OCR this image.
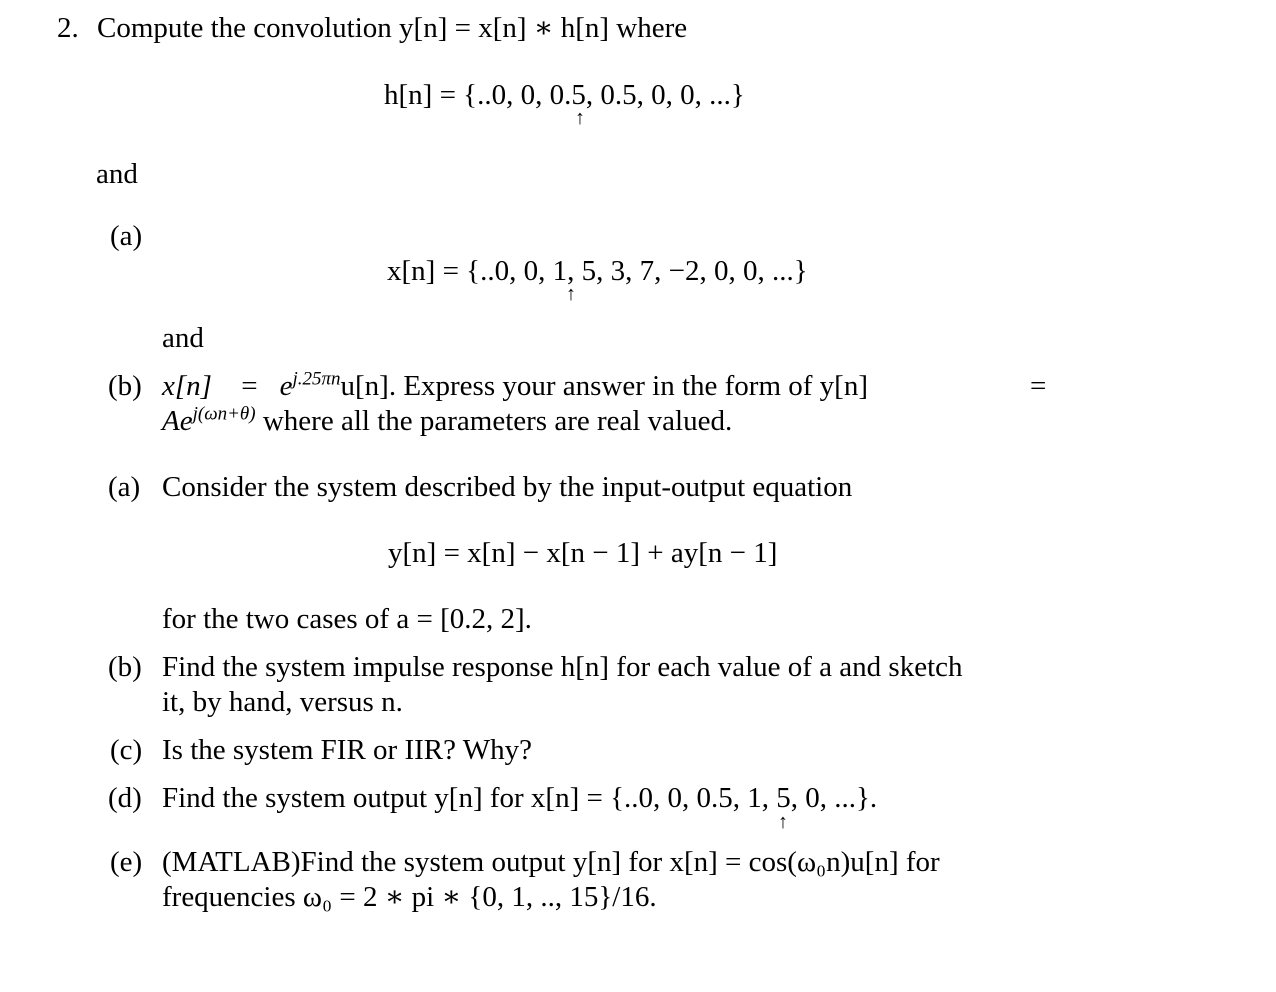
2. Compute the convolution y[n] = x[n] ∗ h[n] where
h[n] = {..0, 0, 0.5, 0.5, 0, 0, ...}
↑
and
(a)
x[n] = {..0, 0, 1, 5, 3, 7, −2, 0, 0, ...}
↑
and
(b) $x[n] = e^{j.25\pi n}u[n]$. Express your answer in the form of y[n]	=
$Ae^{j(\omega n+\theta)}$ where all the parameters are real valued.
(a) Consider the system described by the input-output equation
y[n] = x[n] − x[n − 1] + ay[n − 1]
for the two cases of a = [0.2, 2].
(b) Find the system impulse response h[n] for each value of a and sketch
it, by hand, versus n.
(c) Is the system FIR or IIR? Why?
(d) Find the system output y[n] for x[n] = {..0, 0, 0.5, 1, 5, 0, ...}.
↑
(e) (MATLAB)Find the system output y[n] for x[n] = cos(ω₀n)u[n] for
frequencies ω₀ = 2 ∗ pi ∗ {0, 1, .., 15}/16.
